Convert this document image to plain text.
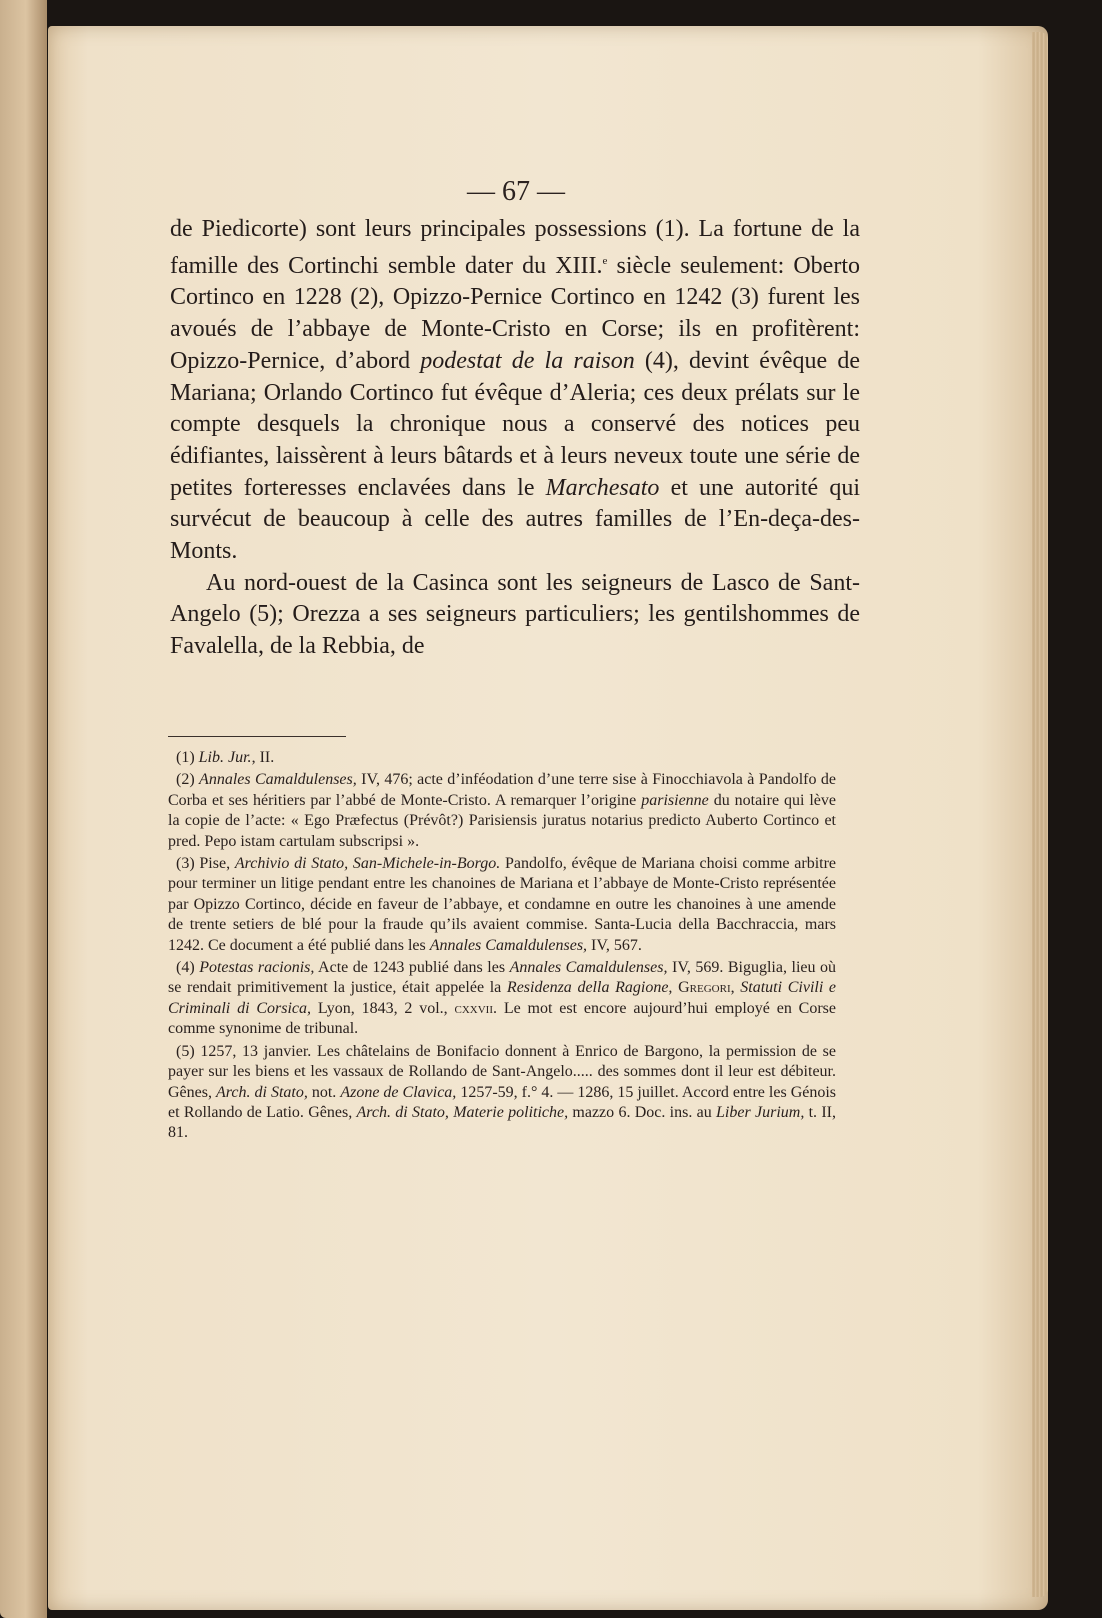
— 67 —

de Piedicorte) sont leurs principales possessions (1). La fortune de la famille des Cortinchi semble dater du XIII.$^e$ siècle seulement: Oberto Cortinco en 1228 (2), Opizzo-Pernice Cortinco en 1242 (3) furent les avoués de l’abbaye de Monte-Cristo en Corse; ils en profitèrent: Opizzo-Pernice, d’abord podestat de la raison (4), devint évêque de Mariana; Orlando Cortinco fut évêque d’Aleria; ces deux prélats sur le compte desquels la chronique nous a conservé des notices peu édifiantes, laissèrent à leurs bâtards et à leurs neveux toute une série de petites forteresses enclavées dans le Marchesato et une autorité qui survécut de beaucoup à celle des autres familles de l’En-deça-des-Monts.

Au nord-ouest de la Casinca sont les seigneurs de Lasco de Sant-Angelo (5); Orezza a ses seigneurs particuliers; les gentilshommes de Favalella, de la Rebbia, de

(1) Lib. Jur., II.

(2) Annales Camaldulenses, IV, 476; acte d’inféodation d’une terre sise à Finocchiavola à Pandolfo de Corba et ses héritiers par l’abbé de Monte-Cristo. A remarquer l’origine parisienne du notaire qui lève la copie de l’acte: « Ego Præfectus (Prévôt?) Parisiensis juratus notarius predicto Auberto Cortinco et pred. Pepo istam cartulam subscripsi ».

(3) Pise, Archivio di Stato, San-Michele-in-Borgo. Pandolfo, évêque de Mariana choisi comme arbitre pour terminer un litige pendant entre les chanoines de Mariana et l’abbaye de Monte-Cristo représentée par Opizzo Cortinco, décide en faveur de l’abbaye, et condamne en outre les chanoines à une amende de trente setiers de blé pour la fraude qu’ils avaient commise. Santa-Lucia della Bacchraccia, mars 1242. Ce document a été publié dans les Annales Camaldulenses, IV, 567.

(4) Potestas racionis, Acte de 1243 publié dans les Annales Camaldulenses, IV, 569. Biguglia, lieu où se rendait primitivement la justice, était appelée la Residenza della Ragione, Gregori, Statuti Civili e Criminali di Corsica, Lyon, 1843, 2 vol., cxxvii. Le mot est encore aujourd’hui employé en Corse comme synonime de tribunal.

(5) 1257, 13 janvier. Les châtelains de Bonifacio donnent à Enrico de Bargono, la permission de se payer sur les biens et les vassaux de Rollando de Sant-Angelo..... des sommes dont il leur est débiteur. Gênes, Arch. di Stato, not. Azone de Clavica, 1257-59, f.° 4. — 1286, 15 juillet. Accord entre les Génois et Rollando de Latio. Gênes, Arch. di Stato, Materie politiche, mazzo 6. Doc. ins. au Liber Jurium, t. II, 81.
